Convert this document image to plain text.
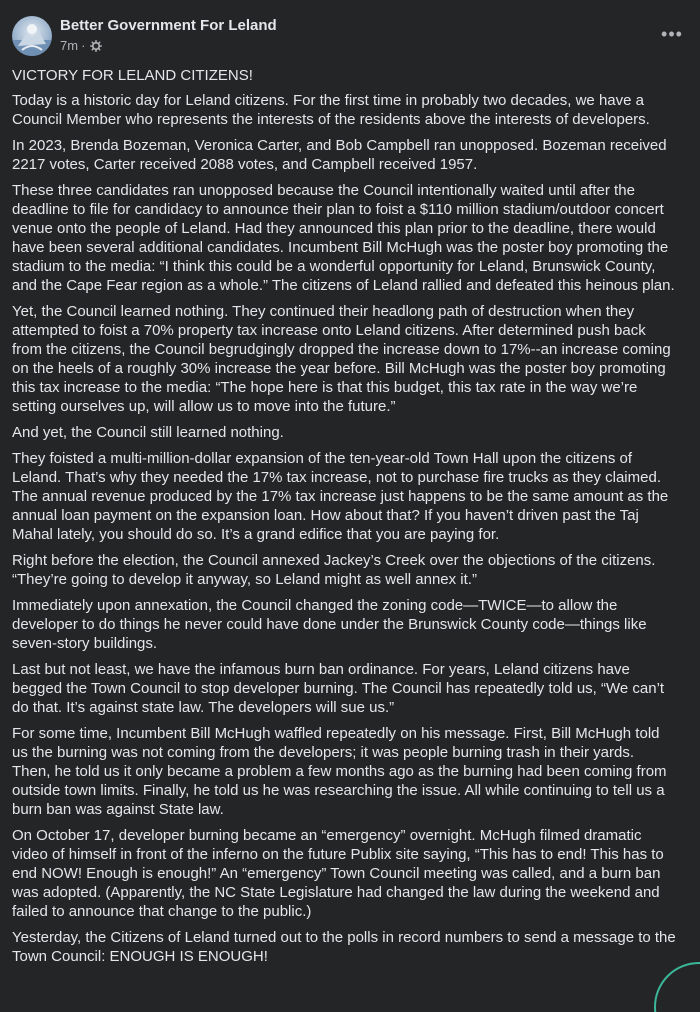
Better Government For Leland
7m ·
•••

VICTORY FOR LELAND CITIZENS!

Today is a historic day for Leland citizens. For the first time in probably two decades, we have a Council Member who represents the interests of the residents above the interests of developers.

In 2023, Brenda Bozeman, Veronica Carter, and Bob Campbell ran unopposed. Bozeman received 2217 votes, Carter received 2088 votes, and Campbell received 1957.

These three candidates ran unopposed because the Council intentionally waited until after the deadline to file for candidacy to announce their plan to foist a $110 million stadium/outdoor concert venue onto the people of Leland. Had they announced this plan prior to the deadline, there would have been several additional candidates. Incumbent Bill McHugh was the poster boy promoting the stadium to the media: “I think this could be a wonderful opportunity for Leland, Brunswick County, and the Cape Fear region as a whole.” The citizens of Leland rallied and defeated this heinous plan.

Yet, the Council learned nothing. They continued their headlong path of destruction when they attempted to foist a 70% property tax increase onto Leland citizens. After determined push back from the citizens, the Council begrudgingly dropped the increase down to 17%--an increase coming on the heels of a roughly 30% increase the year before. Bill McHugh was the poster boy promoting this tax increase to the media: “The hope here is that this budget, this tax rate in the way we’re setting ourselves up, will allow us to move into the future.”

And yet, the Council still learned nothing.

They foisted a multi-million-dollar expansion of the ten-year-old Town Hall upon the citizens of Leland. That’s why they needed the 17% tax increase, not to purchase fire trucks as they claimed. The annual revenue produced by the 17% tax increase just happens to be the same amount as the annual loan payment on the expansion loan. How about that? If you haven’t driven past the Taj Mahal lately, you should do so. It’s a grand edifice that you are paying for.

Right before the election, the Council annexed Jackey’s Creek over the objections of the citizens. “They’re going to develop it anyway, so Leland might as well annex it.”

Immediately upon annexation, the Council changed the zoning code—TWICE—to allow the developer to do things he never could have done under the Brunswick County code—things like seven-story buildings.

Last but not least, we have the infamous burn ban ordinance. For years, Leland citizens have begged the Town Council to stop developer burning. The Council has repeatedly told us, “We can’t do that. It’s against state law. The developers will sue us.”

For some time, Incumbent Bill McHugh waffled repeatedly on his message. First, Bill McHugh told us the burning was not coming from the developers; it was people burning trash in their yards. Then, he told us it only became a problem a few months ago as the burning had been coming from outside town limits. Finally, he told us he was researching the issue. All while continuing to tell us a burn ban was against State law.

On October 17, developer burning became an “emergency” overnight. McHugh filmed dramatic video of himself in front of the inferno on the future Publix site saying, “This has to end! This has to end NOW! Enough is enough!” An “emergency” Town Council meeting was called, and a burn ban was adopted. (Apparently, the NC State Legislature had changed the law during the weekend and failed to announce that change to the public.)

Yesterday, the Citizens of Leland turned out to the polls in record numbers to send a message to the Town Council: ENOUGH IS ENOUGH!
